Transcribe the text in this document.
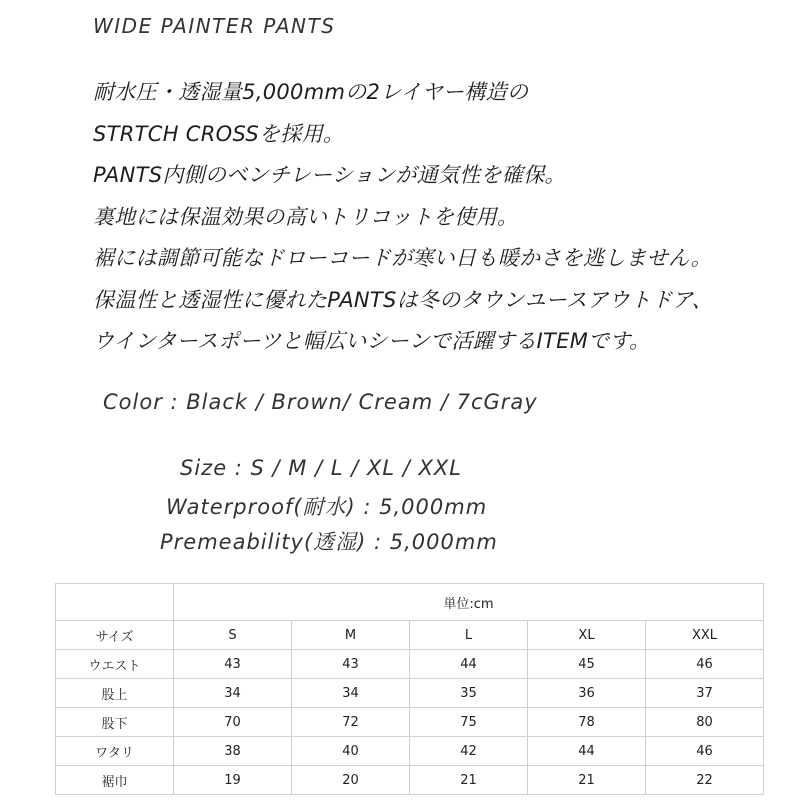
WIDE PAINTER PANTS
耐水圧・透湿量5,000mmの2レイヤー構造の
STRTCH CROSSを採用。
PANTS内側のベンチレーションが通気性を確保。
裏地には保温効果の高いトリコットを使用。
裾には調節可能なドローコードが寒い日も暖かさを逃しません。
保温性と透湿性に優れたPANTSは冬のタウンユースアウトドア、
ウインタースポーツと幅広いシーンで活躍するITEMです。
Color : Black / Brown/ Cream / 7cGray
Size : S / M / L / XL / XXL
Waterproof(耐水) : 5,000mm
Premeability(透湿) : 5,000mm
	単位:cm				
サイズ	S	M	L	XL	XXL
ウエスト	43	43	44	45	46
股上	34	34	35	36	37
股下	70	72	75	78	80
ワタリ	38	40	42	44	46
裾巾	19	20	21	21	22
